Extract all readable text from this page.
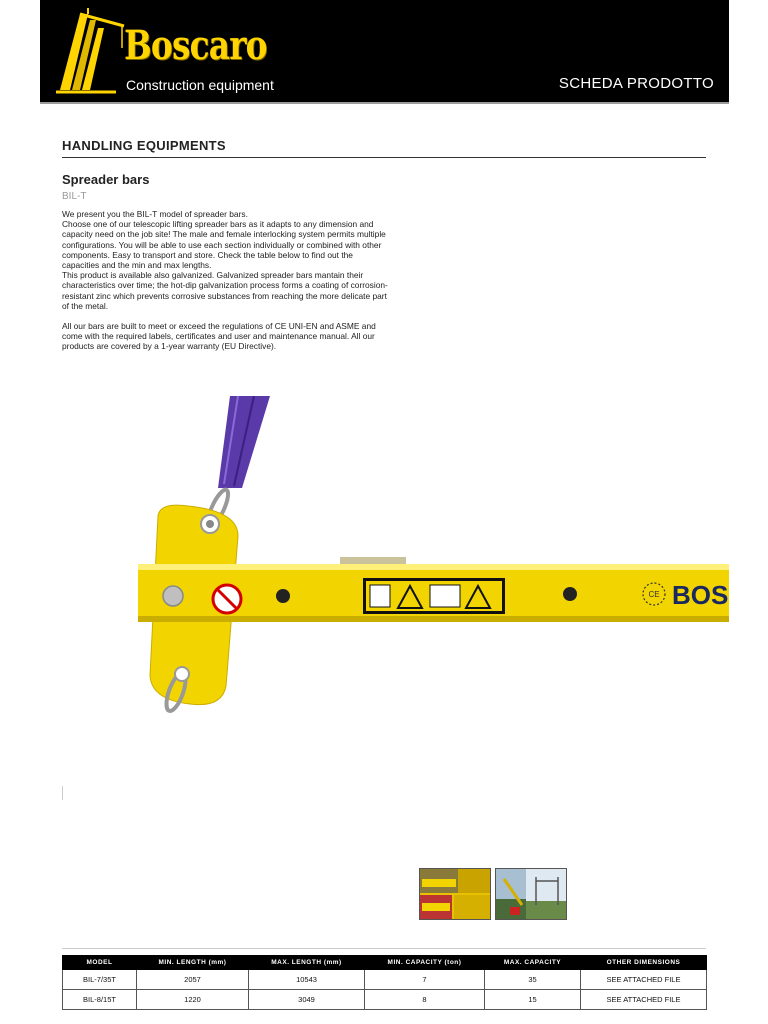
Boscaro
Construction equipment	SCHEDA PRODOTTO
HANDLING EQUIPMENTS
Spreader bars
BIL-T

We present you the BIL-T model of spreader bars.

Choose one of our telescopic lifting spreader bars as it adapts to any dimension and capacity need on the job site! The male and female interlocking system permits multiple configurations. You will be able to use each section individually or combined with other components. Easy to transport and store. Check the table below to find out the capacities and the min and max lengths.

This product is available also galvanized. Galvanized spreader bars mantain their characteristics over time; the hot-dip galvanization process forms a coating of corrosion-resistant zinc which prevents corrosive substances from reaching the more delicate part of the metal.

All our bars are built to meet or exceed the regulations of CE UNI-EN and ASME and come with the required labels, certificates and user and maintenance manual. All our products are covered by a 1-year warranty (EU Directive).

CE BOS
MODEL	MIN. LENGTH (mm)	MAX. LENGTH (mm)	MIN. CAPACITY (ton)	MAX. CAPACITY	OTHER DIMENSIONS
BIL-7/35T	2057	10543	7	35	SEE ATTACHED FILE
BIL-8/15T	1220	3049	8	15	SEE ATTACHED FILE
